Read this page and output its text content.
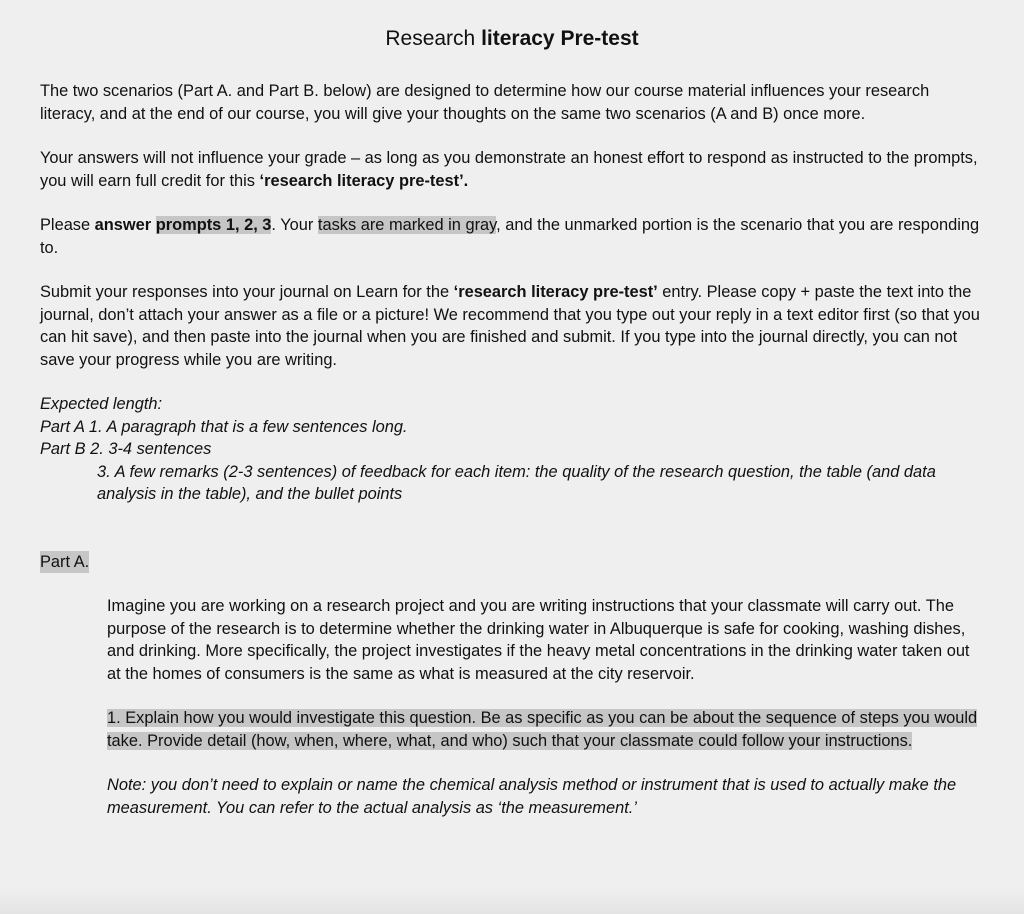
Research literacy Pre-test

The two scenarios (Part A. and Part B. below) are designed to determine how our course material influences your research literacy, and at the end of our course, you will give your thoughts on the same two scenarios (A and B) once more.

Your answers will not influence your grade – as long as you demonstrate an honest effort to respond as instructed to the prompts, you will earn full credit for this ‘research literacy pre-test’.

Please answer prompts 1, 2, 3. Your tasks are marked in gray, and the unmarked portion is the scenario that you are responding to.

Submit your responses into your journal on Learn for the ‘research literacy pre-test’ entry. Please copy + paste the text into the journal, don’t attach your answer as a file or a picture! We recommend that you type out your reply in a text editor first (so that you can hit save), and then paste into the journal when you are finished and submit. If you type into the journal directly, you can not save your progress while you are writing.

Expected length:

Part A 1. A paragraph that is a few sentences long.

Part B 2. 3-4 sentences

3. A few remarks (2-3 sentences) of feedback for each item: the quality of the research question, the table (and data analysis in the table), and the bullet points

Part A.

Imagine you are working on a research project and you are writing instructions that your classmate will carry out. The purpose of the research is to determine whether the drinking water in Albuquerque is safe for cooking, washing dishes, and drinking. More specifically, the project investigates if the heavy metal concentrations in the drinking water taken out at the homes of consumers is the same as what is measured at the city reservoir.

1. Explain how you would investigate this question. Be as specific as you can be about the sequence of steps you would take. Provide detail (how, when, where, what, and who) such that your classmate could follow your instructions.

Note: you don’t need to explain or name the chemical analysis method or instrument that is used to actually make the measurement. You can refer to the actual analysis as ‘the measurement.’
